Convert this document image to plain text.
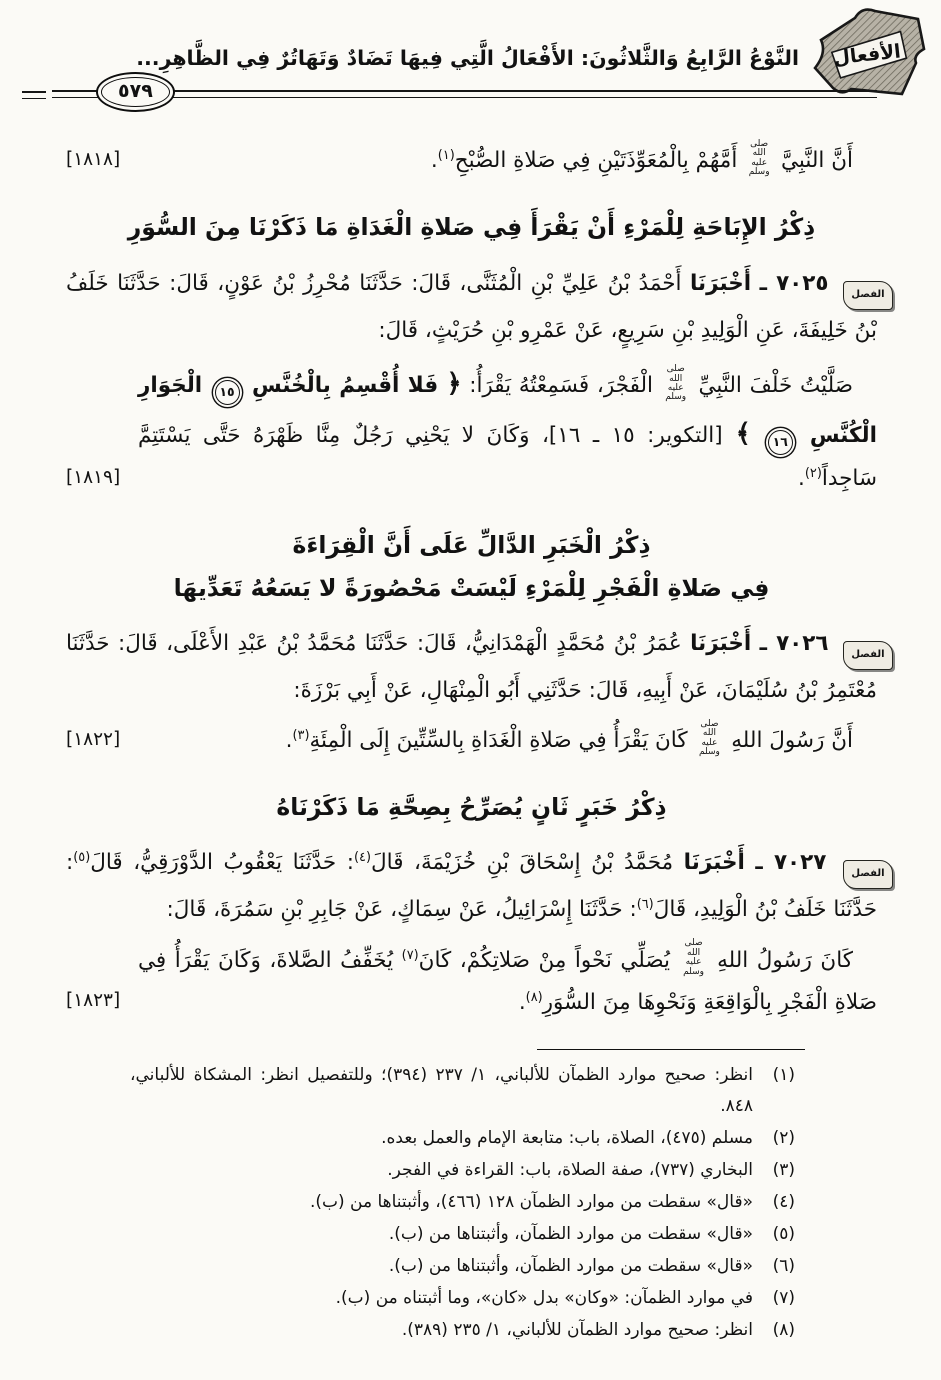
الأفعال
النَّوْعُ الرَّابِعُ وَالثَّلاثُونَ: الأَفْعَالُ الَّتِي فِيهَا تَضَادٌ وَتَهَاتُرٌ فِي الظَّاهِرِ...
٥٧٩

أَنَّ النَّبِيَّ صلى الله عليه وسلم أَمَّهُمْ بِالْمُعَوِّذَتَيْنِ فِي صَلاةِ الصُّبْحِ$^{(١)}$.
[١٨١٨]

ذِكْرُ الإِبَاحَةِ لِلْمَرْءِ أَنْ يَقْرَأَ فِي صَلاةِ الْغَدَاةِ مَا ذَكَرْنَا مِنَ السُّوَرِ

الفصل ٧٠٢٥ ـ أَخْبَرَنَا أَحْمَدُ بْنُ عَلِيِّ بْنِ الْمُثَنَّى، قَالَ: حَدَّثَنَا مُحْرِزُ بْنُ عَوْنٍ، قَالَ: حَدَّثَنَا خَلَفُ بْنُ خَلِيفَةَ، عَنِ الْوَلِيدِ بْنِ سَرِيعٍ، عَنْ عَمْرِو بْنِ حُرَيْثٍ، قَالَ:

صَلَّيْتُ خَلْفَ النَّبِيِّ صلى الله عليه وسلم الْفَجْرَ، فَسَمِعْتُهُ يَقْرَأُ: ﴿ فَلا أُقْسِمُ بِالْخُنَّسِ ١٥ الْجَوَارِ الْكُنَّسِ ١٦ ﴾ [التكوير: ١٥ ـ ١٦]، وَكَانَ لا يَحْنِي رَجُلٌ مِنَّا ظَهْرَهُ حَتَّى يَسْتَتِمَّ سَاجِداً$^{(٢)}$.
[١٨١٩]

ذِكْرُ الْخَبَرِ الدَّالِّ عَلَى أَنَّ الْقِرَاءَةَ
فِي صَلاةِ الْفَجْرِ لِلْمَرْءِ لَيْسَتْ مَحْصُورَةً لا يَسَعُهُ تَعَدِّيهَا

الفصل ٧٠٢٦ ـ أَخْبَرَنَا عُمَرُ بْنُ مُحَمَّدٍ الْهَمْدَانِيُّ، قَالَ: حَدَّثَنَا مُحَمَّدُ بْنُ عَبْدِ الأَعْلَى، قَالَ: حَدَّثَنَا مُعْتَمِرُ بْنُ سُلَيْمَانَ، عَنْ أَبِيهِ، قَالَ: حَدَّثَنِي أَبُو الْمِنْهَالِ، عَنْ أَبِي بَرْزَةَ:

أَنَّ رَسُولَ اللهِ صلى الله عليه وسلم كَانَ يَقْرَأُ فِي صَلاةِ الْغَدَاةِ بِالسِّتِّينَ إِلَى الْمِئَةِ$^{(٣)}$.
[١٨٢٢]

ذِكْرُ خَبَرٍ ثَانٍ يُصَرِّحُ بِصِحَّةِ مَا ذَكَرْنَاهُ

الفصل ٧٠٢٧ ـ أَخْبَرَنَا مُحَمَّدُ بْنُ إِسْحَاقَ بْنِ خُزَيْمَةَ، قَالَ$^{(٤)}$: حَدَّثَنَا يَعْقُوبُ الدَّوْرَقِيُّ، قَالَ$^{(٥)}$: حَدَّثَنَا خَلَفُ بْنُ الْوَلِيدِ، قَالَ$^{(٦)}$: حَدَّثَنَا إِسْرَائِيلُ، عَنْ سِمَاكٍ، عَنْ جَابِرِ بْنِ سَمُرَةَ، قَالَ:

كَانَ رَسُولُ اللهِ صلى الله عليه وسلم يُصَلِّي نَحْواً مِنْ صَلاتِكُمْ، كَانَ$^{(٧)}$ يُخَفِّفُ الصَّلاةَ، وَكَانَ يَقْرَأُ فِي صَلاةِ الْفَجْرِ بِالْوَاقِعَةِ وَنَحْوِهَا مِنَ السُّوَرِ$^{(٨)}$.
[١٨٢٣]

(١)
انظر: صحيح موارد الظمآن للألباني، ١/ ٢٣٧ (٣٩٤)؛ وللتفصيل انظر: المشكاة للألباني، ٨٤٨.
(٢)
مسلم (٤٧٥)، الصلاة، باب: متابعة الإمام والعمل بعده.
(٣)
البخاري (٧٣٧)، صفة الصلاة، باب: القراءة في الفجر.
(٤)
«قال» سقطت من موارد الظمآن ١٢٨ (٤٦٦)، وأثبتناها من (ب).
(٥)
«قال» سقطت من موارد الظمآن، وأثبتناها من (ب).
(٦)
«قال» سقطت من موارد الظمآن، وأثبتناها من (ب).
(٧)
في موارد الظمآن: «وكان» بدل «كان»، وما أثبتناه من (ب).
(٨)
انظر: صحيح موارد الظمآن للألباني، ١/ ٢٣٥ (٣٨٩).
